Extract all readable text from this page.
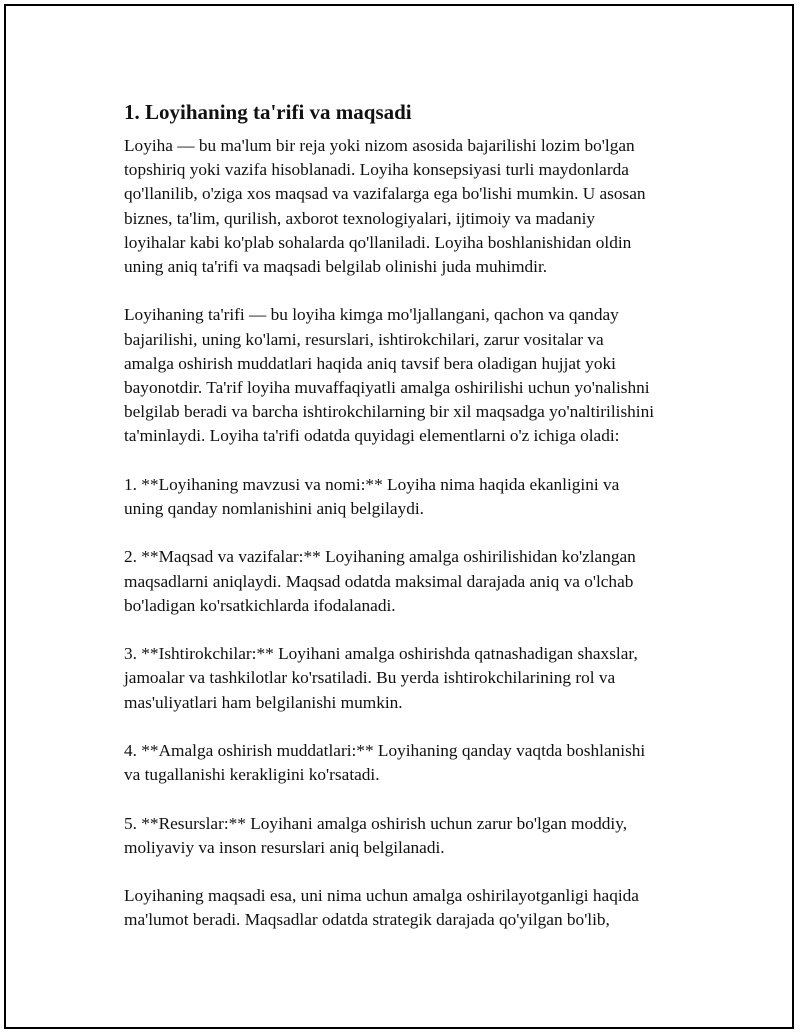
1. Loyihaning ta'rifi va maqsadi

Loyiha — bu ma'lum bir reja yoki nizom asosida bajarilishi lozim bo'lgan
topshiriq yoki vazifa hisoblanadi. Loyiha konsepsiyasi turli maydonlarda
qo'llanilib, o'ziga xos maqsad va vazifalarga ega bo'lishi mumkin. U asosan
biznes, ta'lim, qurilish, axborot texnologiyalari, ijtimoiy va madaniy
loyihalar kabi ko'plab sohalarda qo'llaniladi. Loyiha boshlanishidan oldin
uning aniq ta'rifi va maqsadi belgilab olinishi juda muhimdir.

Loyihaning ta'rifi — bu loyiha kimga mo'ljallangani, qachon va qanday
bajarilishi, uning ko'lami, resurslari, ishtirokchilari, zarur vositalar va
amalga oshirish muddatlari haqida aniq tavsif bera oladigan hujjat yoki
bayonotdir. Ta'rif loyiha muvaffaqiyatli amalga oshirilishi uchun yo'nalishni
belgilab beradi va barcha ishtirokchilarning bir xil maqsadga yo'naltirilishini
ta'minlaydi. Loyiha ta'rifi odatda quyidagi elementlarni o'z ichiga oladi:

1. **Loyihaning mavzusi va nomi:** Loyiha nima haqida ekanligini va
uning qanday nomlanishini aniq belgilaydi.

2. **Maqsad va vazifalar:** Loyihaning amalga oshirilishidan ko'zlangan
maqsadlarni aniqlaydi. Maqsad odatda maksimal darajada aniq va o'lchab
bo'ladigan ko'rsatkichlarda ifodalanadi.

3. **Ishtirokchilar:** Loyihani amalga oshirishda qatnashadigan shaxslar,
jamoalar va tashkilotlar ko'rsatiladi. Bu yerda ishtirokchilarining rol va
mas'uliyatlari ham belgilanishi mumkin.

4. **Amalga oshirish muddatlari:** Loyihaning qanday vaqtda boshlanishi
va tugallanishi kerakligini ko'rsatadi.

5. **Resurslar:** Loyihani amalga oshirish uchun zarur bo'lgan moddiy,
moliyaviy va inson resurslari aniq belgilanadi.

Loyihaning maqsadi esa, uni nima uchun amalga oshirilayotganligi haqida
ma'lumot beradi. Maqsadlar odatda strategik darajada qo'yilgan bo'lib,
